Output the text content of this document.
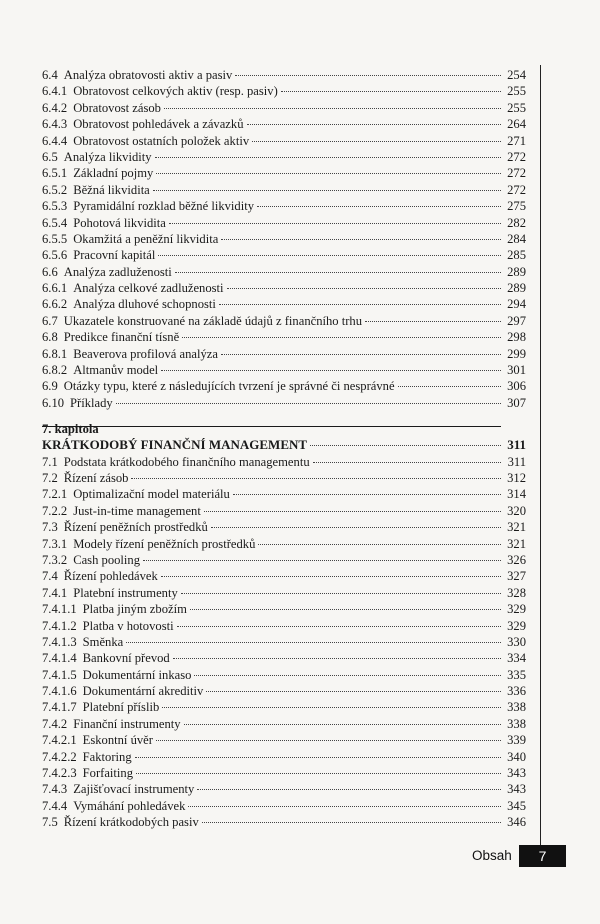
6.4 Analýza obratovosti aktiv a pasiv	254
6.4.1 Obratovost celkových aktiv (resp. pasiv)	255
6.4.2 Obratovost zásob	255
6.4.3 Obratovost pohledávek a závazků	264
6.4.4 Obratovost ostatních položek aktiv	271
6.5 Analýza likvidity	272
6.5.1 Základní pojmy	272
6.5.2 Běžná likvidita	272
6.5.3 Pyramidální rozklad běžné likvidity	275
6.5.4 Pohotová likvidita	282
6.5.5 Okamžitá a peněžní likvidita	284
6.5.6 Pracovní kapitál	285
6.6 Analýza zadluženosti	289
6.6.1 Analýza celkové zadluženosti	289
6.6.2 Analýza dluhové schopnosti	294
6.7 Ukazatele konstruované na základě údajů z finančního trhu	297
6.8 Predikce finanční tísně	298
6.8.1 Beaverova profilová analýza	299
6.8.2 Altmanův model	301
6.9 Otázky typu, které z následujících tvrzení je správné či nesprávné	306
6.10 Příklady	307
7. kapitola
KRÁTKODOBÝ FINANČNÍ MANAGEMENT	311
7.1 Podstata krátkodobého finančního managementu	311
7.2 Řízení zásob	312
7.2.1 Optimalizační model materiálu	314
7.2.2 Just-in-time management	320
7.3 Řízení peněžních prostředků	321
7.3.1 Modely řízení peněžních prostředků	321
7.3.2 Cash pooling	326
7.4 Řízení pohledávek	327
7.4.1 Platební instrumenty	328
7.4.1.1 Platba jiným zbožím	329
7.4.1.2 Platba v hotovosti	329
7.4.1.3 Směnka	330
7.4.1.4 Bankovní převod	334
7.4.1.5 Dokumentární inkaso	335
7.4.1.6 Dokumentární akreditiv	336
7.4.1.7 Platební příslib	338
7.4.2 Finanční instrumenty	338
7.4.2.1 Eskontní úvěr	339
7.4.2.2 Faktoring	340
7.4.2.3 Forfaiting	343
7.4.3 Zajišťovací instrumenty	343
7.4.4 Vymáhání pohledávek	345
7.5 Řízení krátkodobých pasiv	346
Obsah	7
